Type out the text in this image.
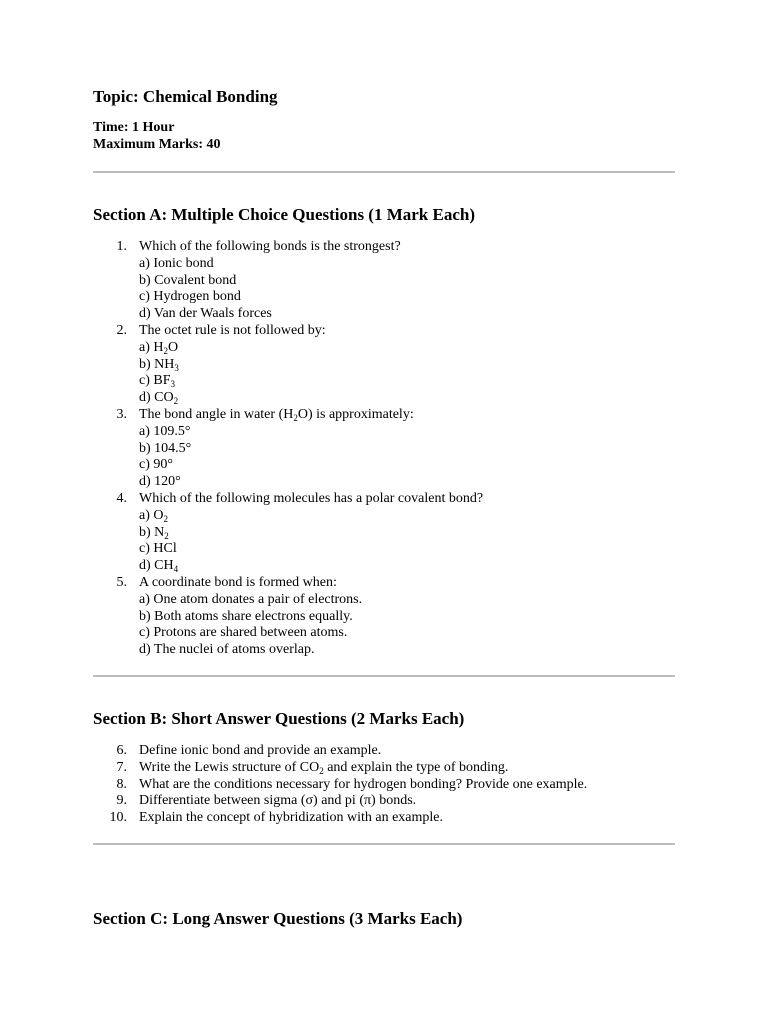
Topic: Chemical Bonding
Time: 1 Hour
Maximum Marks: 40
Section A: Multiple Choice Questions (1 Mark Each)
1. Which of the following bonds is the strongest?
a) Ionic bond
b) Covalent bond
c) Hydrogen bond
d) Van der Waals forces
2. The octet rule is not followed by:
a) $H_2O$
b) $NH_3$
c) $BF_3$
d) $CO_2$
3. The bond angle in water $(H_2O)$ is approximately:
a) 109.5°
b) 104.5°
c) 90°
d) 120°
4. Which of the following molecules has a polar covalent bond?
a) $O_2$
b) $N_2$
c) HCl
d) $CH_4$
5. A coordinate bond is formed when:
a) One atom donates a pair of electrons.
b) Both atoms share electrons equally.
c) Protons are shared between atoms.
d) The nuclei of atoms overlap.
Section B: Short Answer Questions (2 Marks Each)
6. Define ionic bond and provide an example.
7. Write the Lewis structure of $CO_2$ and explain the type of bonding.
8. What are the conditions necessary for hydrogen bonding? Provide one example.
9. Differentiate between sigma (σ) and pi (π) bonds.
10. Explain the concept of hybridization with an example.
Section C: Long Answer Questions (3 Marks Each)
